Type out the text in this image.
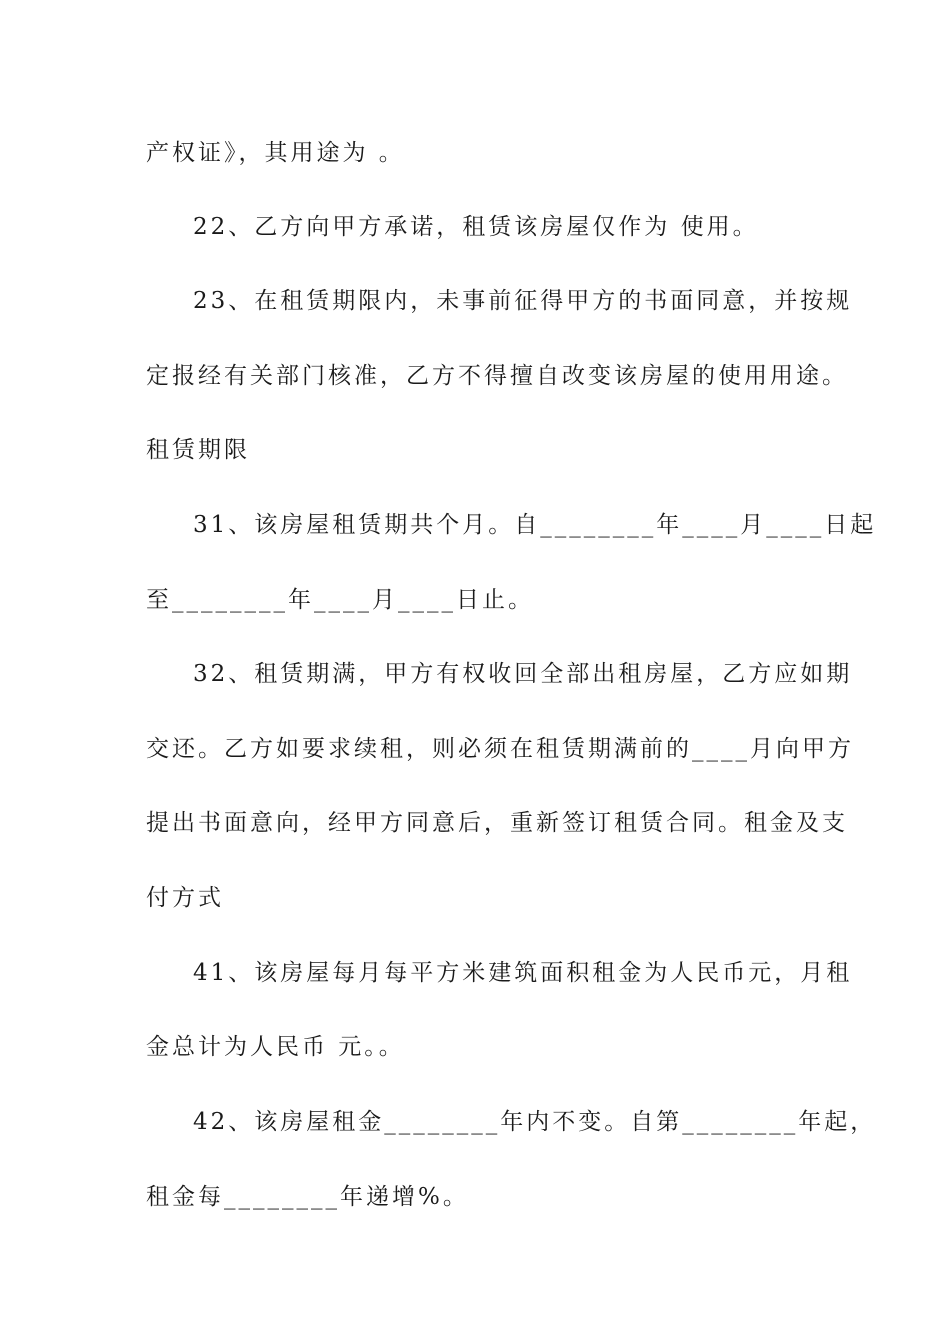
产权证》，其用途为 。
22、乙方向甲方承诺，租赁该房屋仅作为 使用。
23、在租赁期限内，未事前征得甲方的书面同意，并按规
定报经有关部门核准，乙方不得擅自改变该房屋的使用用途。
租赁期限
31、该房屋租赁期共个月。自________年____月____日起
至________年____月____日止。
32、租赁期满，甲方有权收回全部出租房屋，乙方应如期
交还。乙方如要求续租，则必须在租赁期满前的____月向甲方
提出书面意向，经甲方同意后，重新签订租赁合同。租金及支
付方式
41、该房屋每月每平方米建筑面积租金为人民币元，月租
金总计为人民币 元。。
42、该房屋租金________年内不变。自第________年起，
租金每________年递增%。
